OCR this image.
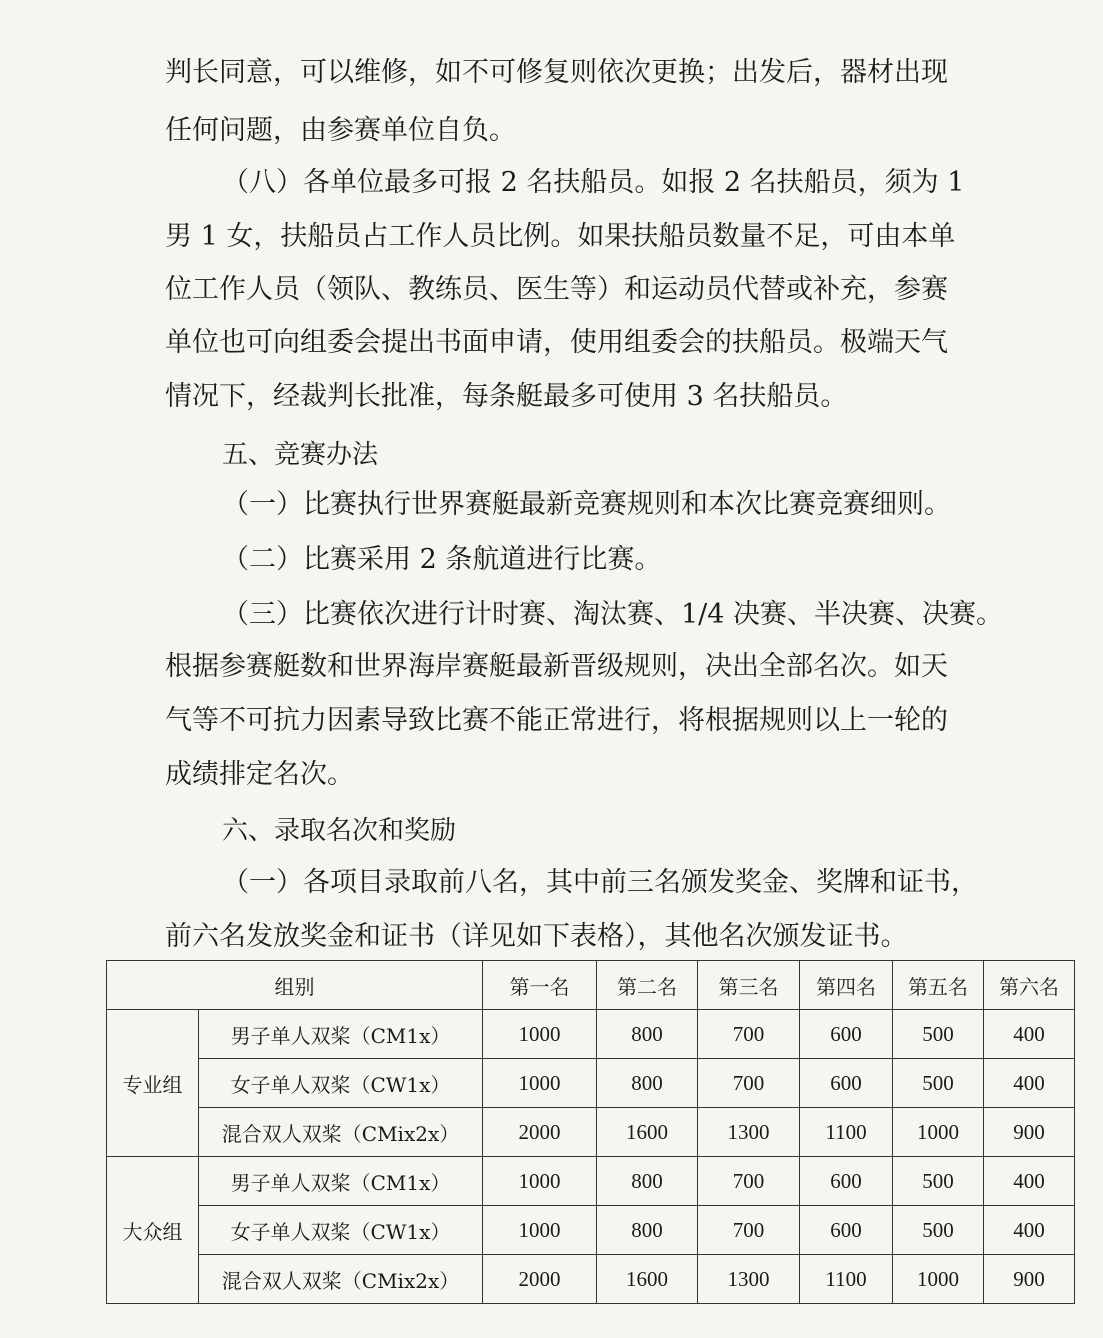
判长同意，可以维修，如不可修复则依次更换；出发后，器材出现
任何问题，由参赛单位自负。
（八）各单位最多可报 2 名扶船员。如报 2 名扶船员，须为 1
男 1 女，扶船员占工作人员比例。如果扶船员数量不足，可由本单
位工作人员（领队、教练员、医生等）和运动员代替或补充，参赛
单位也可向组委会提出书面申请，使用组委会的扶船员。极端天气
情况下，经裁判长批准，每条艇最多可使用 3 名扶船员。
五、竞赛办法
（一）比赛执行世界赛艇最新竞赛规则和本次比赛竞赛细则。
（二）比赛采用 2 条航道进行比赛。
（三）比赛依次进行计时赛、淘汰赛、1/4 决赛、半决赛、决赛。
根据参赛艇数和世界海岸赛艇最新晋级规则，决出全部名次。如天
气等不可抗力因素导致比赛不能正常进行，将根据规则以上一轮的
成绩排定名次。
六、录取名次和奖励
（一）各项目录取前八名，其中前三名颁发奖金、奖牌和证书，
前六名发放奖金和证书（详见如下表格），其他名次颁发证书。
组别		第一名	第二名	第三名	第四名	第五名	第六名
专业组	男子单人双桨（CM1x）	1000	800	700	600	500	400
	女子单人双桨（CW1x）	1000	800	700	600	500	400
	混合双人双桨（CMix2x）	2000	1600	1300	1100	1000	900
大众组	男子单人双桨（CM1x）	1000	800	700	600	500	400
	女子单人双桨（CW1x）	1000	800	700	600	500	400
	混合双人双桨（CMix2x）	2000	1600	1300	1100	1000	900
